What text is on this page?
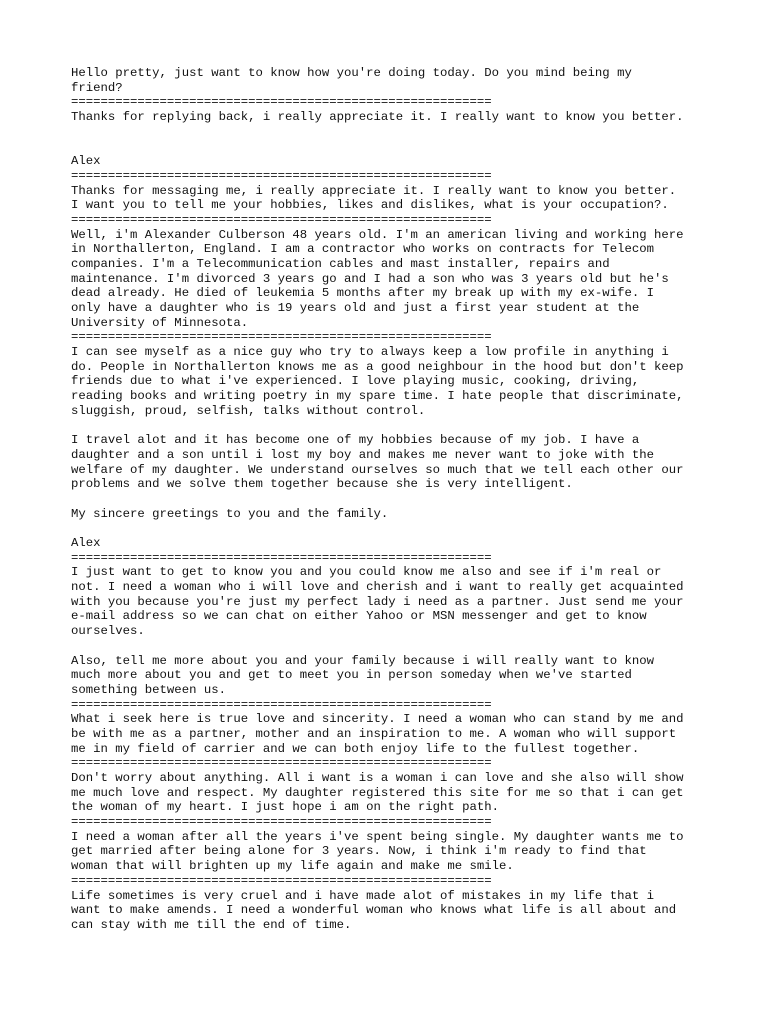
Hello pretty, just want to know how you're doing today. Do you mind being my
friend?
=========================================================
Thanks for replying back, i really appreciate it. I really want to know you better.
Alex
=========================================================
Thanks for messaging me, i really appreciate it. I really want to know you better.
I want you to tell me your hobbies, likes and dislikes, what is your occupation?.
=========================================================
Well, i'm Alexander Culberson 48 years old. I'm an american living and working here
in Northallerton, England. I am a contractor who works on contracts for Telecom
companies. I'm a Telecommunication cables and mast installer, repairs and
maintenance. I'm divorced 3 years go and I had a son who was 3 years old but he's
dead already. He died of leukemia 5 months after my break up with my ex-wife. I
only have a daughter who is 19 years old and just a first year student at the
University of Minnesota.
=========================================================
I can see myself as a nice guy who try to always keep a low profile in anything i
do. People in Northallerton knows me as a good neighbour in the hood but don't keep
friends due to what i've experienced. I love playing music, cooking, driving,
reading books and writing poetry in my spare time. I hate people that discriminate,
sluggish, proud, selfish, talks without control.
I travel alot and it has become one of my hobbies because of my job. I have a
daughter and a son until i lost my boy and makes me never want to joke with the
welfare of my daughter. We understand ourselves so much that we tell each other our
problems and we solve them together because she is very intelligent.
My sincere greetings to you and the family.
Alex
=========================================================
I just want to get to know you and you could know me also and see if i'm real or
not. I need a woman who i will love and cherish and i want to really get acquainted
with you because you're just my perfect lady i need as a partner. Just send me your
e-mail address so we can chat on either Yahoo or MSN messenger and get to know
ourselves.
Also, tell me more about you and your family because i will really want to know
much more about you and get to meet you in person someday when we've started
something between us.
=========================================================
What i seek here is true love and sincerity. I need a woman who can stand by me and
be with me as a partner, mother and an inspiration to me. A woman who will support
me in my field of carrier and we can both enjoy life to the fullest together.
=========================================================
Don't worry about anything. All i want is a woman i can love and she also will show
me much love and respect. My daughter registered this site for me so that i can get
the woman of my heart. I just hope i am on the right path.
=========================================================
I need a woman after all the years i've spent being single. My daughter wants me to
get married after being alone for 3 years. Now, i think i'm ready to find that
woman that will brighten up my life again and make me smile.
=========================================================
Life sometimes is very cruel and i have made alot of mistakes in my life that i
want to make amends. I need a wonderful woman who knows what life is all about and
can stay with me till the end of time.
